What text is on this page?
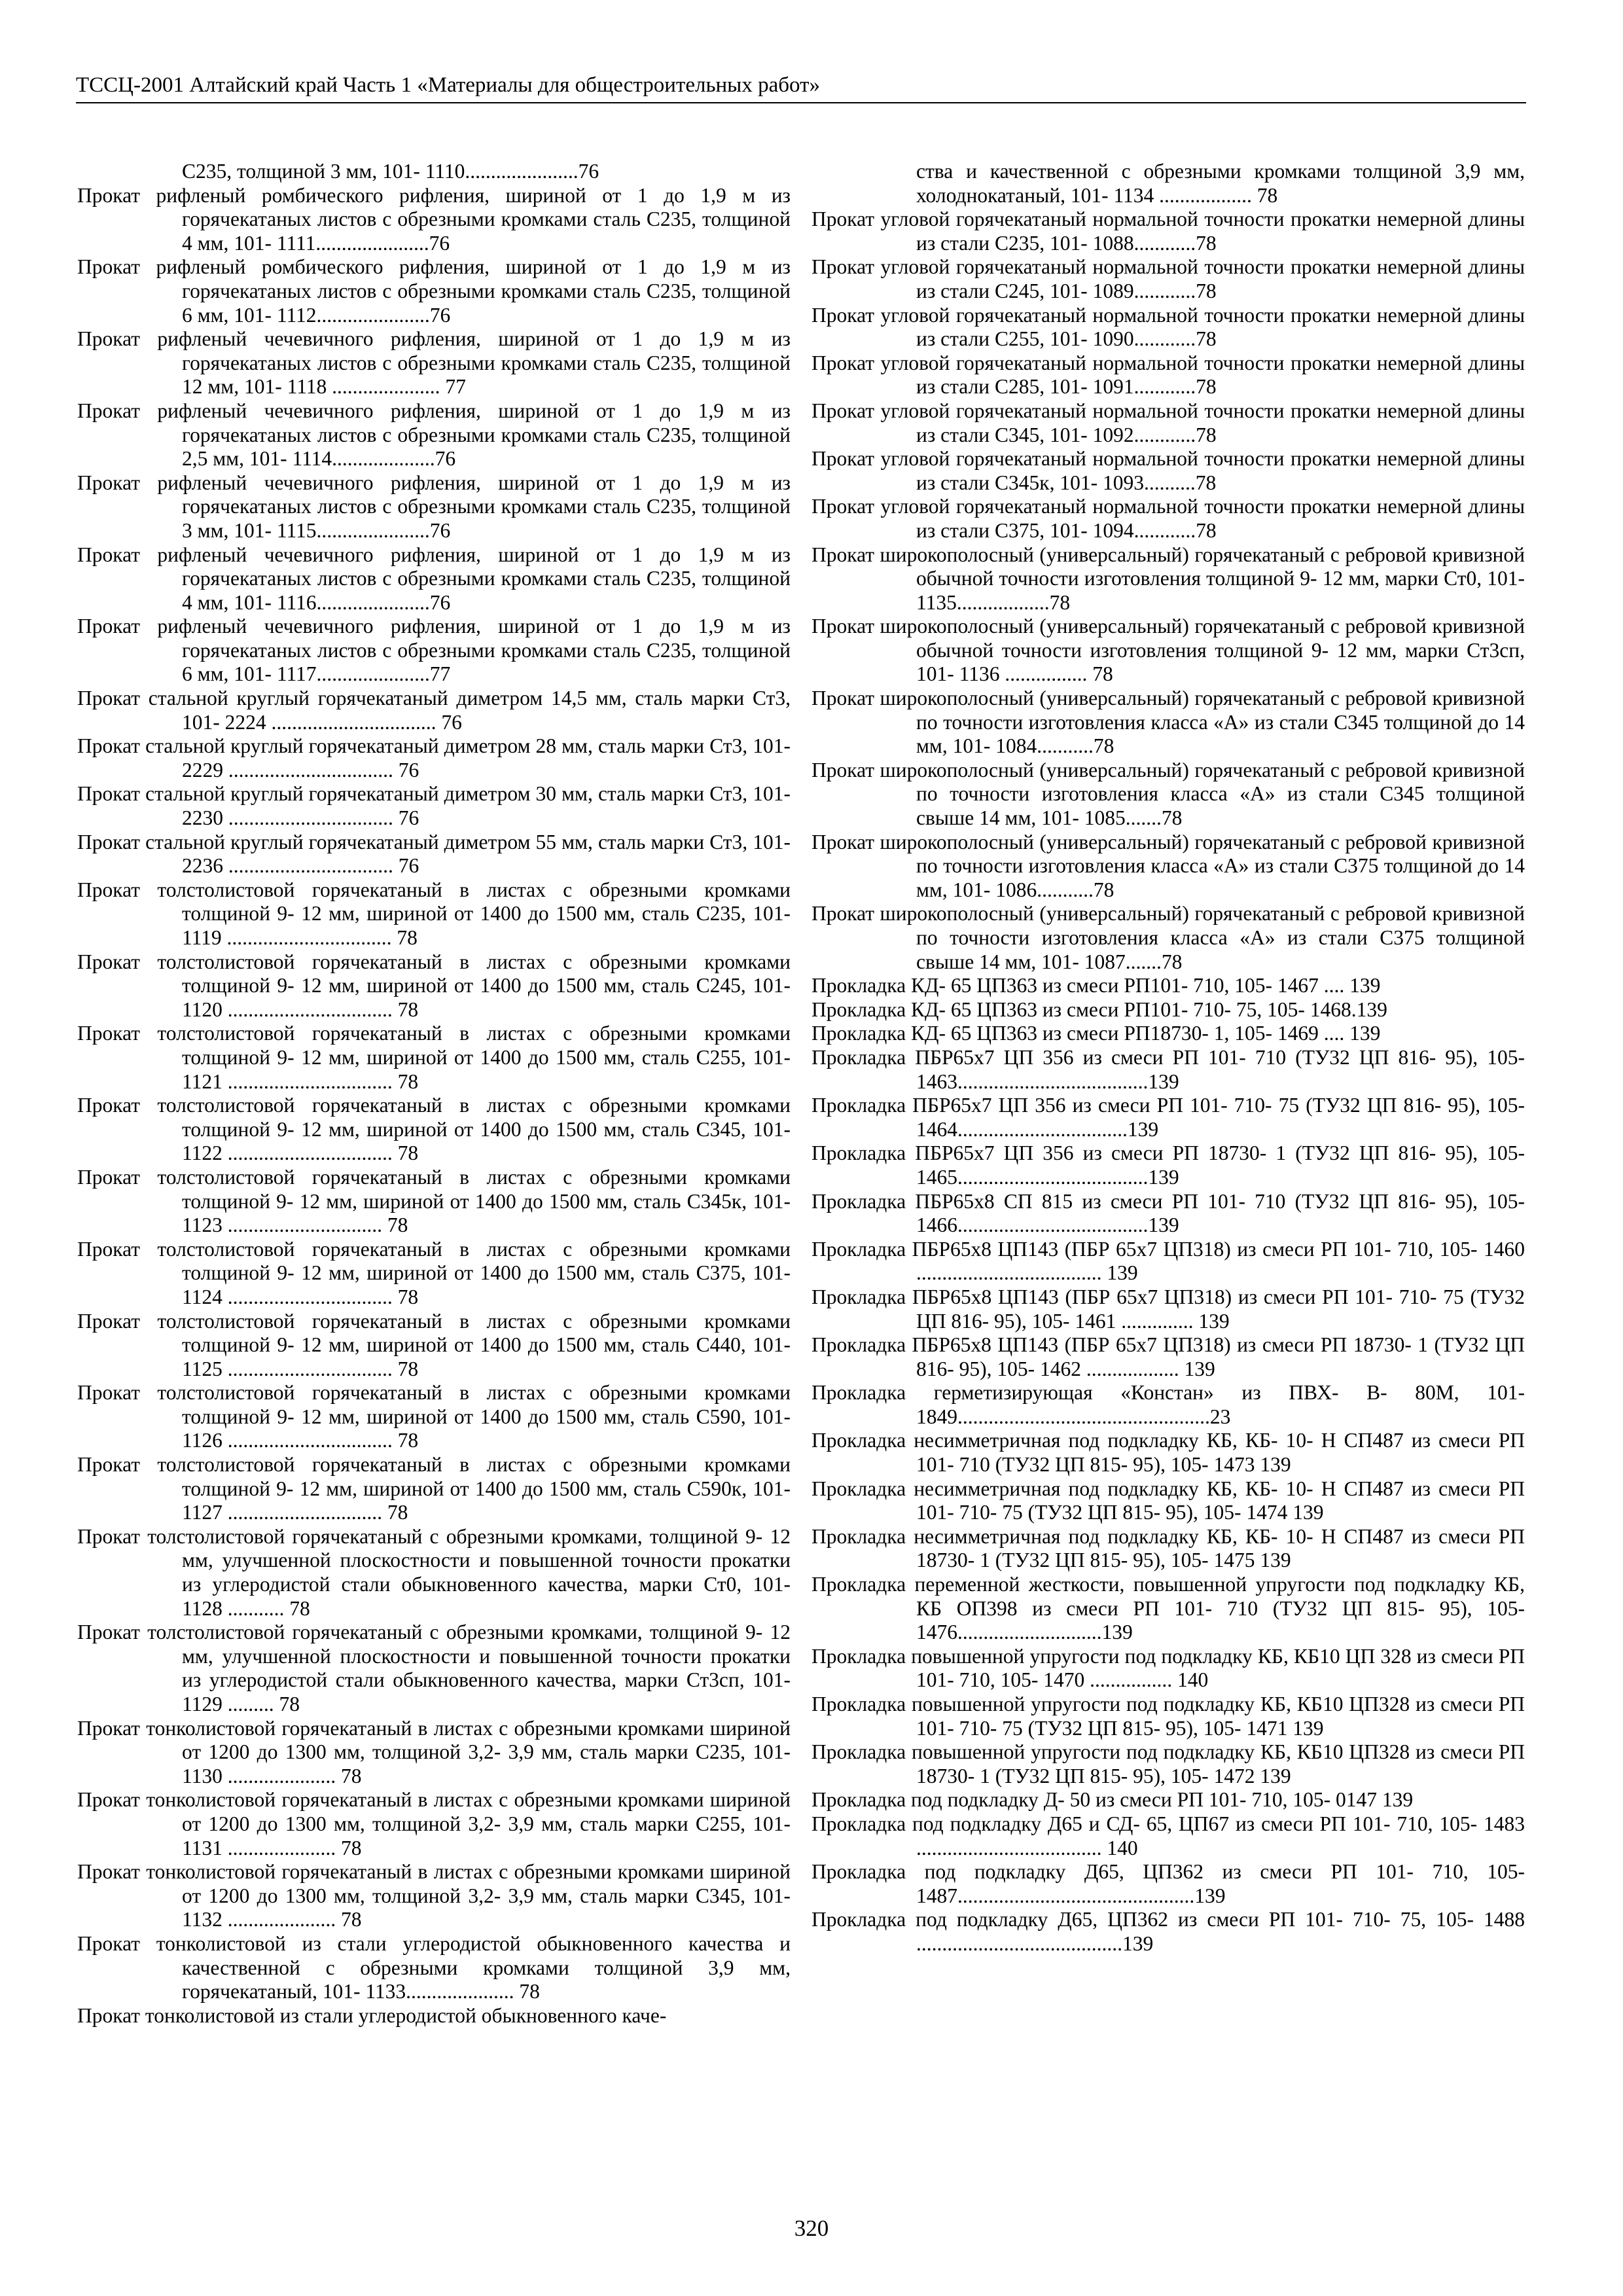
ТССЦ-2001 Алтайский край Часть 1 «Материалы для общестроительных работ»

С235, толщиной 3 мм, 101- 1110......................76

Прокат рифленый ромбического рифления, шириной от 1 до 1,9 м из горячекатаных листов с обрезными кромками сталь С235, толщиной 4 мм, 101- 1111......................76

Прокат рифленый ромбического рифления, шириной от 1 до 1,9 м из горячекатаных листов с обрезными кромками сталь С235, толщиной 6 мм, 101- 1112......................76

Прокат рифленый чечевичного рифления, шириной от 1 до 1,9 м из горячекатаных листов с обрезными кромками сталь С235, толщиной 12 мм, 101- 1118 ..................... 77

Прокат рифленый чечевичного рифления, шириной от 1 до 1,9 м из горячекатаных листов с обрезными кромками сталь С235, толщиной 2,5 мм, 101- 1114....................76

Прокат рифленый чечевичного рифления, шириной от 1 до 1,9 м из горячекатаных листов с обрезными кромками сталь С235, толщиной 3 мм, 101- 1115......................76

Прокат рифленый чечевичного рифления, шириной от 1 до 1,9 м из горячекатаных листов с обрезными кромками сталь С235, толщиной 4 мм, 101- 1116......................76

Прокат рифленый чечевичного рифления, шириной от 1 до 1,9 м из горячекатаных листов с обрезными кромками сталь С235, толщиной 6 мм, 101- 1117......................77

Прокат стальной круглый горячекатаный диметром 14,5 мм, сталь марки Ст3, 101- 2224 ................................ 76

Прокат стальной круглый горячекатаный диметром 28 мм, сталь марки Ст3, 101- 2229 ................................ 76

Прокат стальной круглый горячекатаный диметром 30 мм, сталь марки Ст3, 101- 2230 ................................ 76

Прокат стальной круглый горячекатаный диметром 55 мм, сталь марки Ст3, 101- 2236 ................................ 76

Прокат толстолистовой горячекатаный в листах с обрезными кромками толщиной 9- 12 мм, шириной от 1400 до 1500 мм, сталь С235, 101- 1119 ................................ 78

Прокат толстолистовой горячекатаный в листах с обрезными кромками толщиной 9- 12 мм, шириной от 1400 до 1500 мм, сталь С245, 101- 1120 ................................ 78

Прокат толстолистовой горячекатаный в листах с обрезными кромками толщиной 9- 12 мм, шириной от 1400 до 1500 мм, сталь С255, 101- 1121 ................................ 78

Прокат толстолистовой горячекатаный в листах с обрезными кромками толщиной 9- 12 мм, шириной от 1400 до 1500 мм, сталь С345, 101- 1122 ................................ 78

Прокат толстолистовой горячекатаный в листах с обрезными кромками толщиной 9- 12 мм, шириной от 1400 до 1500 мм, сталь С345к, 101- 1123 .............................. 78

Прокат толстолистовой горячекатаный в листах с обрезными кромками толщиной 9- 12 мм, шириной от 1400 до 1500 мм, сталь С375, 101- 1124 ................................ 78

Прокат толстолистовой горячекатаный в листах с обрезными кромками толщиной 9- 12 мм, шириной от 1400 до 1500 мм, сталь С440, 101- 1125 ................................ 78

Прокат толстолистовой горячекатаный в листах с обрезными кромками толщиной 9- 12 мм, шириной от 1400 до 1500 мм, сталь С590, 101- 1126 ................................ 78

Прокат толстолистовой горячекатаный в листах с обрезными кромками толщиной 9- 12 мм, шириной от 1400 до 1500 мм, сталь С590к, 101- 1127 .............................. 78

Прокат толстолистовой горячекатаный с обрезными кромками, толщиной 9- 12 мм, улучшенной плоскостности и повышенной точности прокатки из углеродистой стали обыкновенного качества, марки Ст0, 101- 1128 ........... 78

Прокат толстолистовой горячекатаный с обрезными кромками, толщиной 9- 12 мм, улучшенной плоскостности и повышенной точности прокатки из углеродистой стали обыкновенного качества, марки Ст3сп, 101- 1129 ......... 78

Прокат тонколистовой горячекатаный в листах с обрезными кромками шириной от 1200 до 1300 мм, толщиной 3,2- 3,9 мм, сталь марки С235, 101- 1130 ..................... 78

Прокат тонколистовой горячекатаный в листах с обрезными кромками шириной от 1200 до 1300 мм, толщиной 3,2- 3,9 мм, сталь марки С255, 101- 1131 ..................... 78

Прокат тонколистовой горячекатаный в листах с обрезными кромками шириной от 1200 до 1300 мм, толщиной 3,2- 3,9 мм, сталь марки С345, 101- 1132 ..................... 78

Прокат тонколистовой из стали углеродистой обыкновенного качества и качественной с обрезными кромками толщиной 3,9 мм, горячекатаный, 101- 1133..................... 78

Прокат тонколистовой из стали углеродистой обыкновенного каче-

ства и качественной с обрезными кромками толщиной 3,9 мм, холоднокатаный, 101- 1134 .................. 78

Прокат угловой горячекатаный нормальной точности прокатки немерной длины из стали С235, 101- 1088............78

Прокат угловой горячекатаный нормальной точности прокатки немерной длины из стали С245, 101- 1089............78

Прокат угловой горячекатаный нормальной точности прокатки немерной длины из стали С255, 101- 1090............78

Прокат угловой горячекатаный нормальной точности прокатки немерной длины из стали С285, 101- 1091............78

Прокат угловой горячекатаный нормальной точности прокатки немерной длины из стали С345, 101- 1092............78

Прокат угловой горячекатаный нормальной точности прокатки немерной длины из стали С345к, 101- 1093..........78

Прокат угловой горячекатаный нормальной точности прокатки немерной длины из стали С375, 101- 1094............78

Прокат широкополосный (универсальный) горячекатаный с ребровой кривизной обычной точности изготовления толщиной 9- 12 мм, марки Ст0, 101- 1135..................78

Прокат широкополосный (универсальный) горячекатаный с ребровой кривизной обычной точности изготовления толщиной 9- 12 мм, марки Ст3сп, 101- 1136 ................ 78

Прокат широкополосный (универсальный) горячекатаный с ребровой кривизной по точности изготовления класса «А» из стали С345 толщиной до 14 мм, 101- 1084...........78

Прокат широкополосный (универсальный) горячекатаный с ребровой кривизной по точности изготовления класса «А» из стали С345 толщиной свыше 14 мм, 101- 1085.......78

Прокат широкополосный (универсальный) горячекатаный с ребровой кривизной по точности изготовления класса «А» из стали С375 толщиной до 14 мм, 101- 1086...........78

Прокат широкополосный (универсальный) горячекатаный с ребровой кривизной по точности изготовления класса «А» из стали С375 толщиной свыше 14 мм, 101- 1087.......78

Прокладка КД- 65 ЦП363 из смеси РП101- 710, 105- 1467 .... 139

Прокладка КД- 65 ЦП363 из смеси РП101- 710- 75, 105- 1468.139

Прокладка КД- 65 ЦП363 из смеси РП18730- 1, 105- 1469 .... 139

Прокладка ПБР65х7 ЦП 356 из смеси РП 101- 710 (ТУ32 ЦП 816- 95), 105- 1463.....................................139

Прокладка ПБР65х7 ЦП 356 из смеси РП 101- 710- 75 (ТУ32 ЦП 816- 95), 105- 1464.................................139

Прокладка ПБР65х7 ЦП 356 из смеси РП 18730- 1 (ТУ32 ЦП 816- 95), 105- 1465.....................................139

Прокладка ПБР65х8 СП 815 из смеси РП 101- 710 (ТУ32 ЦП 816- 95), 105- 1466.....................................139

Прокладка ПБР65х8 ЦП143 (ПБР 65х7 ЦП318) из смеси РП 101- 710, 105- 1460 .................................... 139

Прокладка ПБР65х8 ЦП143 (ПБР 65х7 ЦП318) из смеси РП 101- 710- 75 (ТУ32 ЦП 816- 95), 105- 1461 .............. 139

Прокладка ПБР65х8 ЦП143 (ПБР 65х7 ЦП318) из смеси РП 18730- 1 (ТУ32 ЦП 816- 95), 105- 1462 .................. 139

Прокладка герметизирующая «Констан» из ПВХ- В- 80М, 101- 1849.................................................23

Прокладка несимметричная под подкладку КБ, КБ- 10- Н СП487 из смеси РП 101- 710 (ТУ32 ЦП 815- 95), 105- 1473 139

Прокладка несимметричная под подкладку КБ, КБ- 10- Н СП487 из смеси РП 101- 710- 75 (ТУ32 ЦП 815- 95), 105- 1474 139

Прокладка несимметричная под подкладку КБ, КБ- 10- Н СП487 из смеси РП 18730- 1 (ТУ32 ЦП 815- 95), 105- 1475 139

Прокладка переменной жесткости, повышенной упругости под подкладку КБ, КБ ОП398 из смеси РП 101- 710 (ТУ32 ЦП 815- 95), 105- 1476............................139

Прокладка повышенной упругости под подкладку КБ, КБ10 ЦП 328 из смеси РП 101- 710, 105- 1470 ................ 140

Прокладка повышенной упругости под подкладку КБ, КБ10 ЦП328 из смеси РП 101- 710- 75 (ТУ32 ЦП 815- 95), 105- 1471 139

Прокладка повышенной упругости под подкладку КБ, КБ10 ЦП328 из смеси РП 18730- 1 (ТУ32 ЦП 815- 95), 105- 1472 139

Прокладка под подкладку Д- 50 из смеси РП 101- 710, 105- 0147 139

Прокладка под подкладку Д65 и СД- 65, ЦП67 из смеси РП 101- 710, 105- 1483 .................................... 140

Прокладка под подкладку Д65, ЦП362 из смеси РП 101- 710, 105- 1487..............................................139

Прокладка под подкладку Д65, ЦП362 из смеси РП 101- 710- 75, 105- 1488 ........................................139

320
